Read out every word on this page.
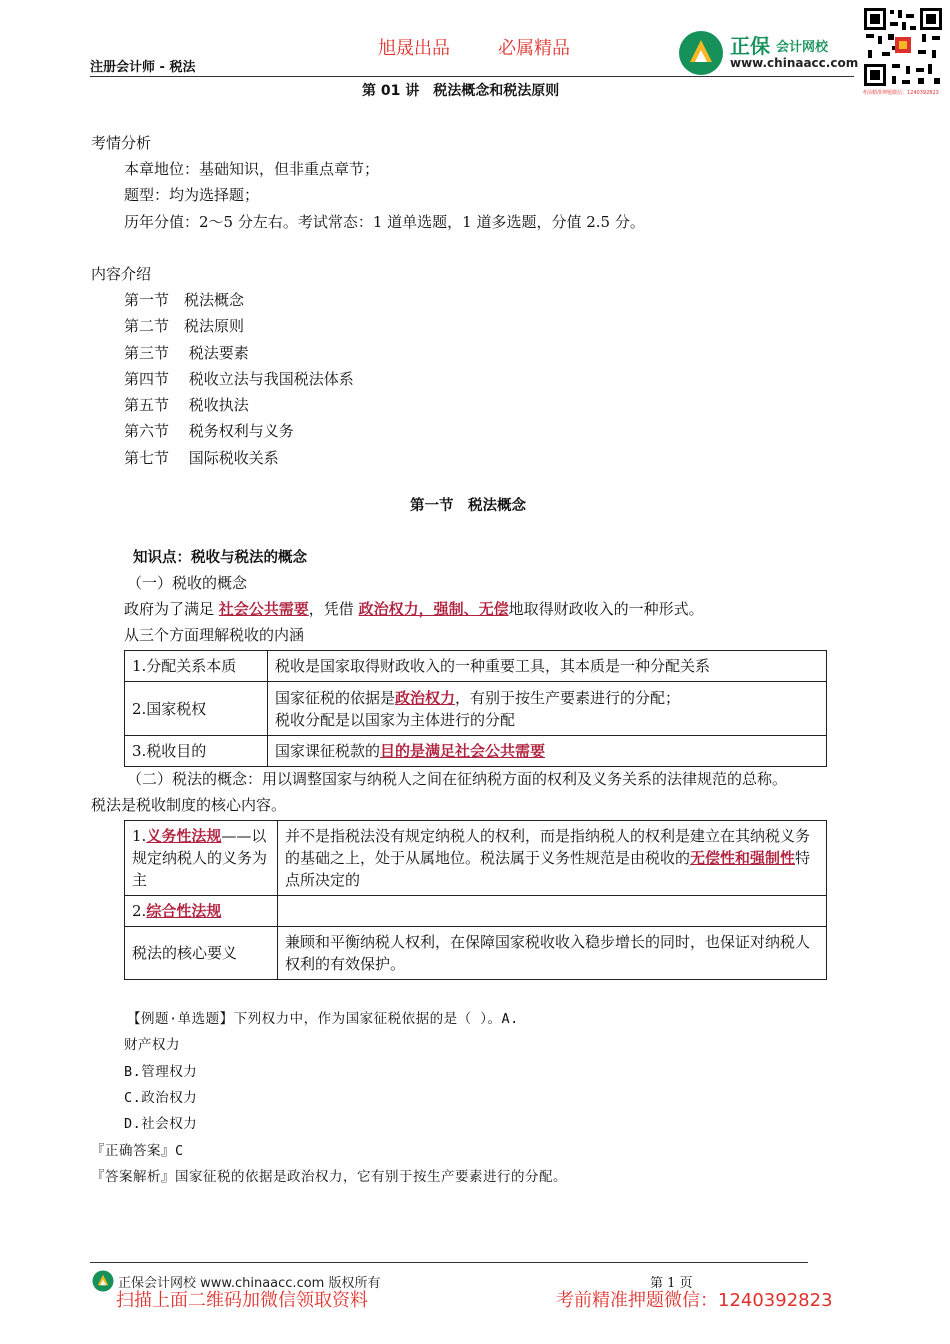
旭晟出品	必属精品
注册会计师 - 税法
正保 会计网校
www.chinaacc.com
考前精准押题微信：1240392823
第 01 讲　税法概念和税法原则
考情分析
本章地位：基础知识，但非重点章节；
题型：均为选择题；
历年分值：2～5 分左右。考试常态：1 道单选题，1 道多选题，分值 2.5 分。
内容介绍
第一节　税法概念
第二节　税法原则
第三节　 税法要素
第四节　 税收立法与我国税法体系
第五节　 税收执法
第六节　 税务权利与义务
第七节　 国际税收关系
第一节　税法概念
知识点：税收与税法的概念
（一）税收的概念
政府为了满足 社会公共需要，凭借 政治权力，强制、无偿地取得财政收入的一种形式。
从三个方面理解税收的内涵
1.分配关系本质	税收是国家取得财政收入的一种重要工具，其本质是一种分配关系
2.国家税权	国家征税的依据是政治权力，有别于按生产要素进行的分配；
税收分配是以国家为主体进行的分配
3.税收目的	国家课征税款的目的是满足社会公共需要
（二）税法的概念：用以调整国家与纳税人之间在征纳税方面的权利及义务关系的法律规范的总称。
税法是税收制度的核心内容。
1.义务性法规——以规定纳税人的义务为主	并不是指税法没有规定纳税人的权利，而是指纳税人的权利是建立在其纳税义务的基础之上，处于从属地位。税法属于义务性规范是由税收的无偿性和强制性特点所决定的
2.综合性法规	
税法的核心要义	兼顾和平衡纳税人权利，在保障国家税收收入稳步增长的同时，也保证对纳税人权利的有效保护。
【例题·单选题】下列权力中，作为国家征税依据的是（ ）。A.
财产权力
B.管理权力
C.政治权力
D.社会权力
『正确答案』C
『答案解析』国家征税的依据是政治权力，它有别于按生产要素进行的分配。
正保会计网校 www.chinaacc.com 版权所有	第 1 页
扫描上面二维码加微信领取资料	考前精准押题微信：1240392823
